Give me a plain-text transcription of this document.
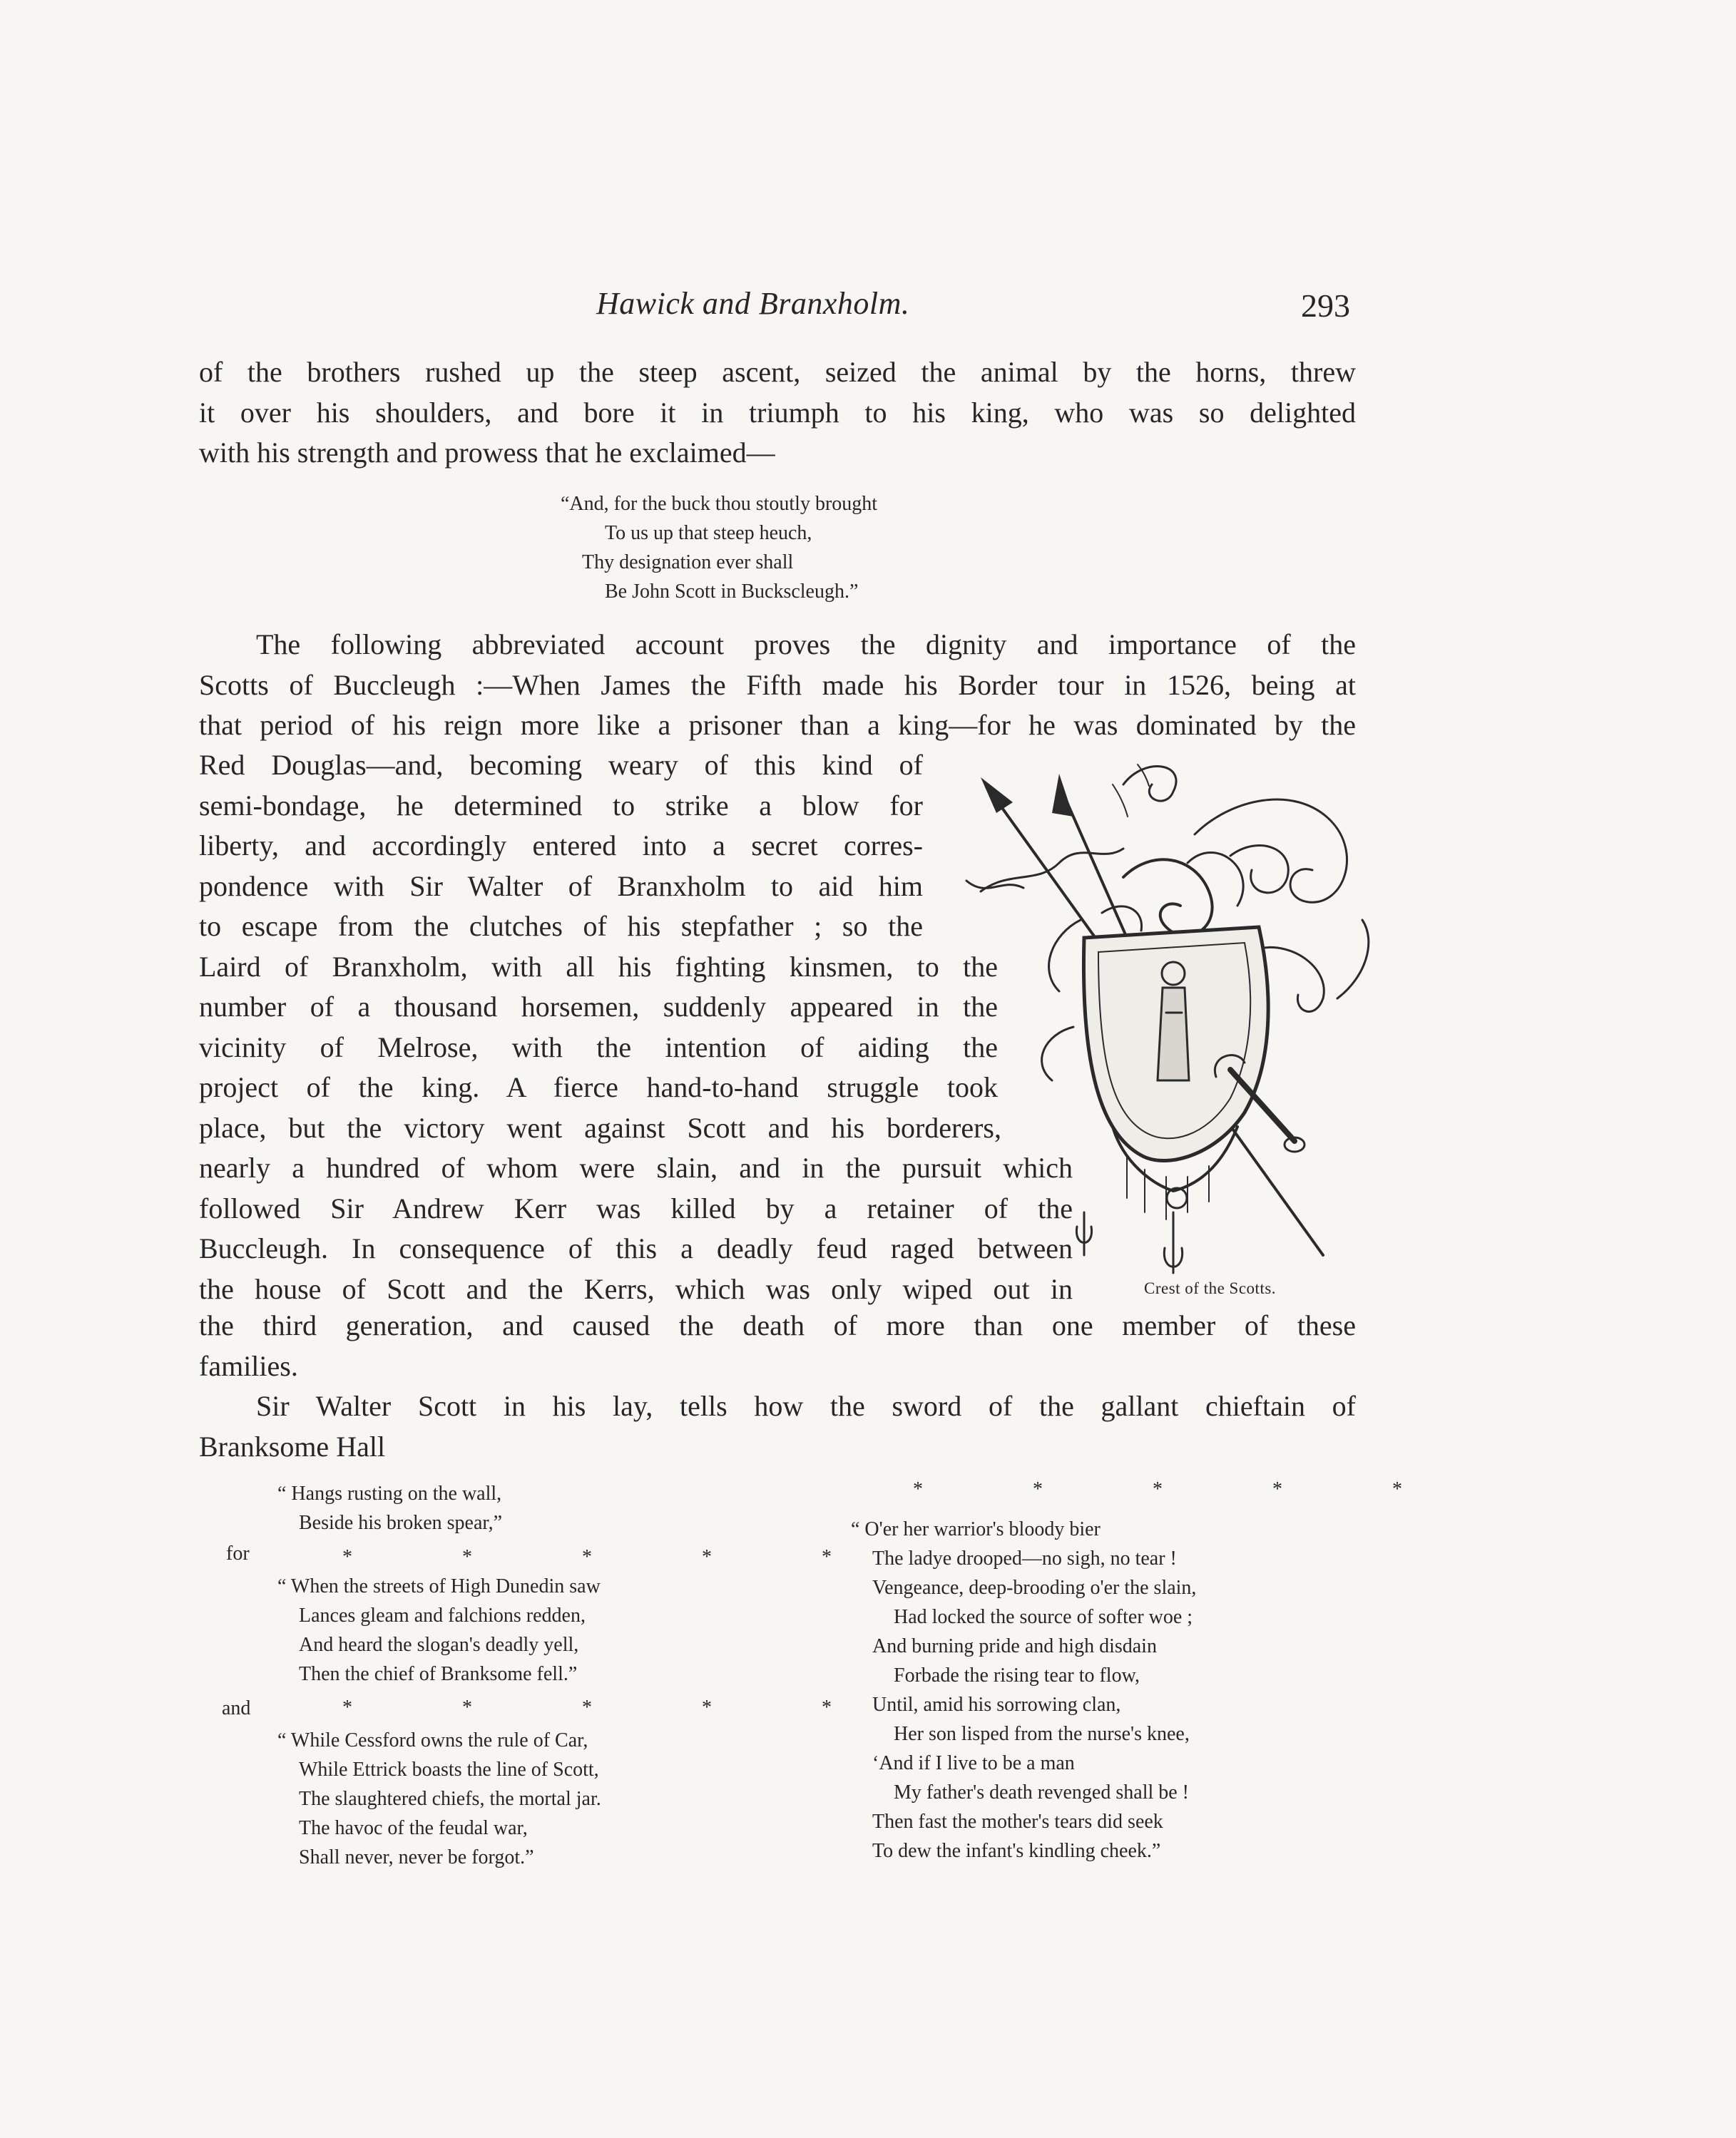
Hawick and Branxholm.	293

of the brothers rushed up the steep ascent, seized the animal by the horns, threw

it over his shoulders, and bore it in triumph to his king, who was so delighted

with his strength and prowess that he exclaimed—

“And, for the buck thou stoutly brought
To us up that steep heuch,
Thy designation ever shall
Be John Scott in Buckscleugh.”

The following abbreviated account proves the dignity and importance of the

Scotts of Buccleugh :—When James the Fifth made his Border tour in 1526, being at

that period of his reign more like a prisoner than a king—for he was dominated by the

Red Douglas—and, becoming weary of this kind of

semi-bondage, he determined to strike a blow for

liberty, and accordingly entered into a secret corres-

pondence with Sir Walter of Branxholm to aid him

to escape from the clutches of his stepfather ; so the

Laird of Branxholm, with all his fighting kinsmen, to the

number of a thousand horsemen, suddenly appeared in the

vicinity of Melrose, with the intention of aiding the

project of the king. A fierce hand-to-hand struggle took

place, but the victory went against Scott and his borderers,

nearly a hundred of whom were slain, and in the pursuit which

followed Sir Andrew Kerr was killed by a retainer of the

Buccleugh. In consequence of this a deadly feud raged between

the house of Scott and the Kerrs, which was only wiped out in

the third generation, and caused the death of more than one member of these

families.

Sir Walter Scott in his lay, tells how the sword of the gallant chieftain of

Branksome Hall

Crest of the Scotts.
“ Hangs rusting on the wall,
Beside his broken spear,”
for	*  *  *  *  *
“ When the streets of High Dunedin saw
Lances gleam and falchions redden,
And heard the slogan's deadly yell,
Then the chief of Branksome fell.”
and	*  *  *  *  *
“ While Cessford owns the rule of Car,
While Ettrick boasts the line of Scott,
The slaughtered chiefs, the mortal jar.
The havoc of the feudal war,
Shall never, never be forgot.”
*  *  *  *  *
“ O'er her warrior's bloody bier
The ladye drooped—no sigh, no tear !
Vengeance, deep-brooding o'er the slain,
Had locked the source of softer woe ;
And burning pride and high disdain
Forbade the rising tear to flow,
Until, amid his sorrowing clan,
Her son lisped from the nurse's knee,
‘And if I live to be a man
My father's death revenged shall be !
Then fast the mother's tears did seek
To dew the infant's kindling cheek.”
